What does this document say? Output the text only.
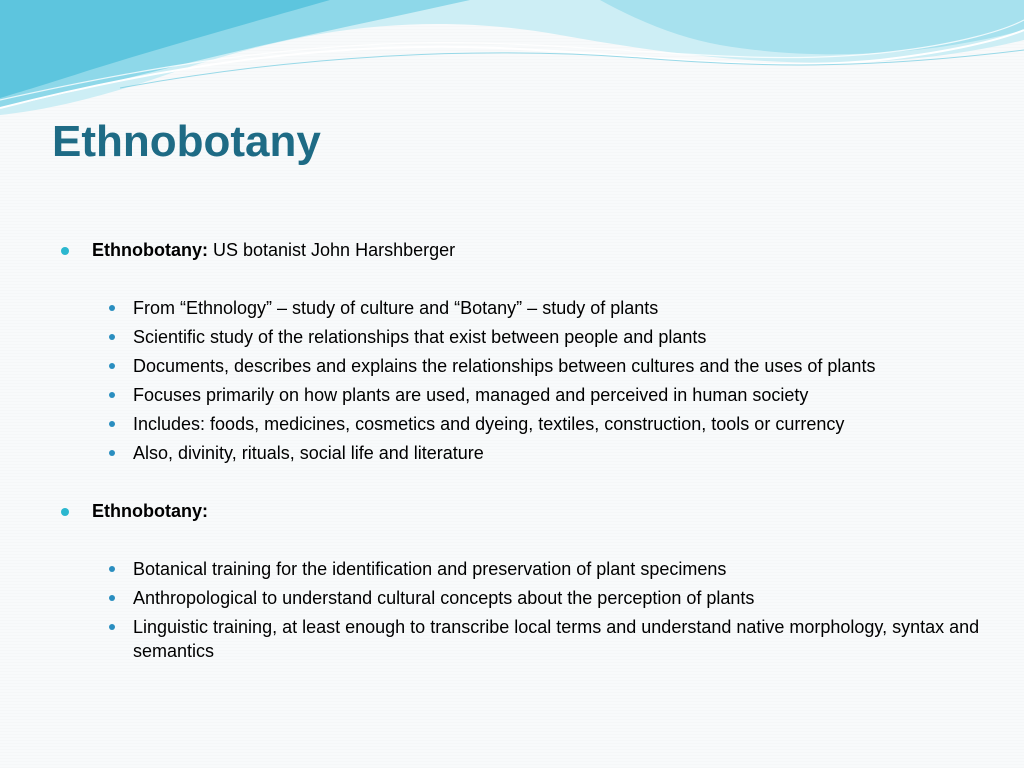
Ethnobotany
Ethnobotany: US botanist John Harshberger
From “Ethnology” – study of culture and “Botany” – study of plants
Scientific study of the relationships that exist between people and plants
Documents, describes and explains the relationships between cultures and the uses of plants
Focuses primarily on how plants are used, managed and perceived in human society
Includes: foods, medicines, cosmetics and dyeing, textiles, construction, tools or currency
Also, divinity, rituals, social life and literature
Ethnobotany:
Botanical training for the identification and preservation of plant specimens
Anthropological to understand cultural concepts about the perception of plants
Linguistic training, at least enough to transcribe local terms and understand native morphology, syntax and semantics
